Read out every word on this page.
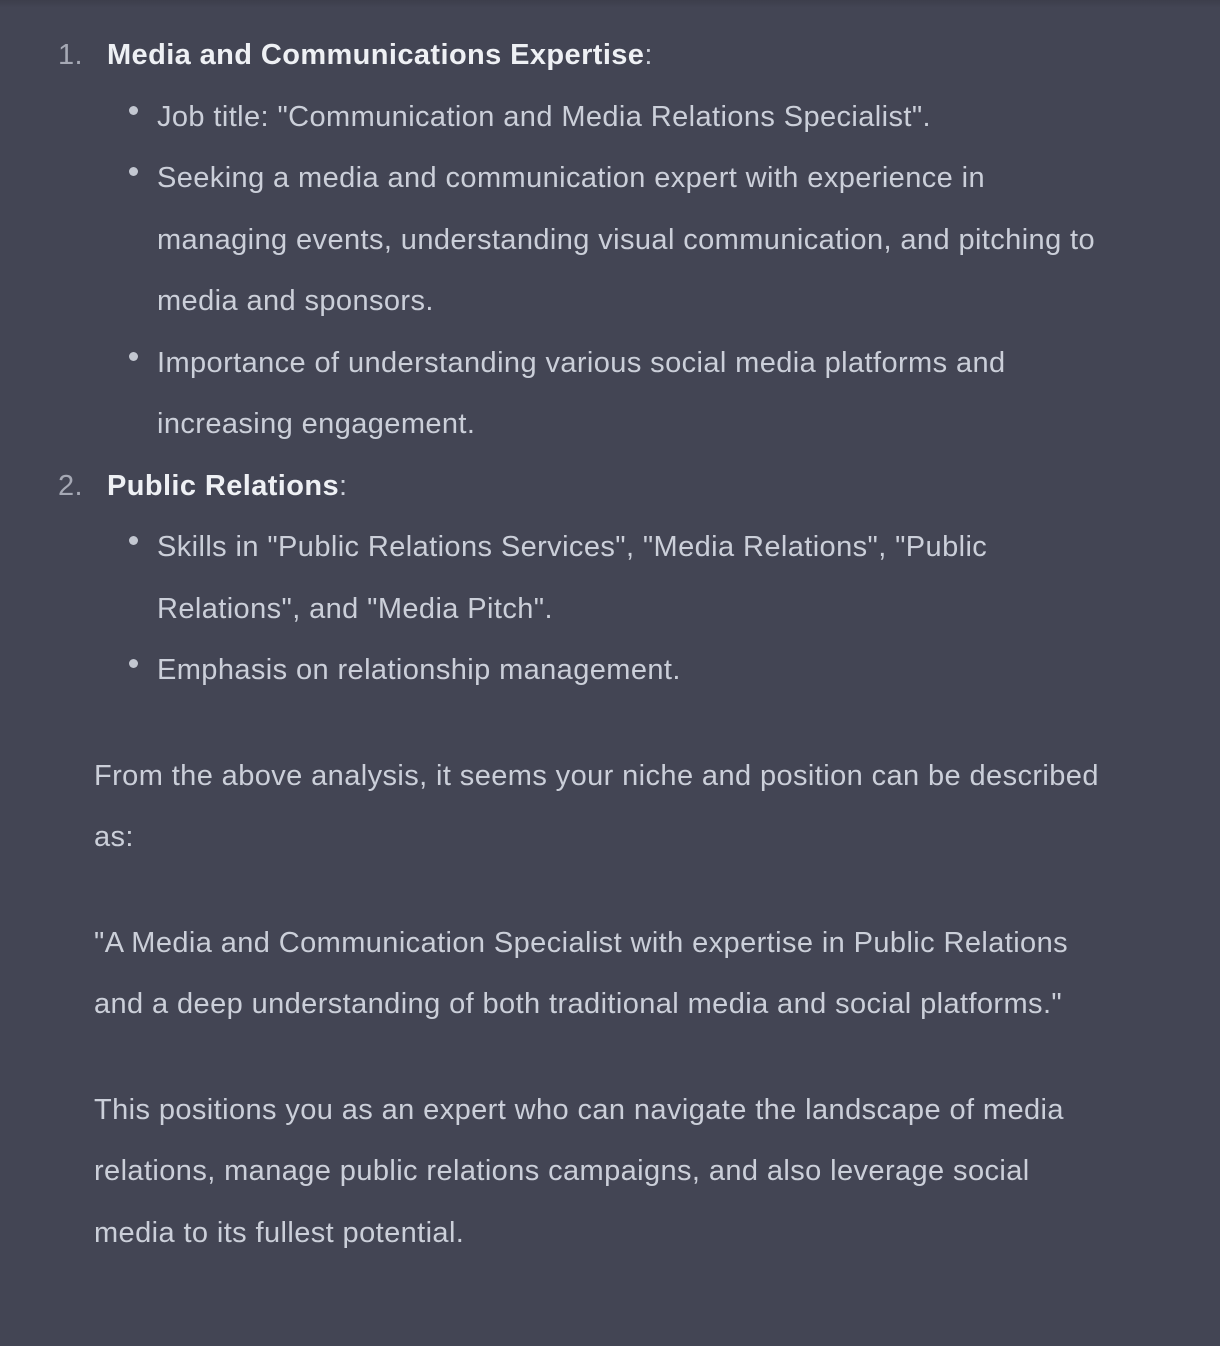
1. Media and Communications Expertise:

Job title: "Communication and Media Relations Specialist".
Seeking a media and communication expert with experience in managing events, understanding visual communication, and pitching to media and sponsors.
Importance of understanding various social media platforms and increasing engagement.
2. Public Relations:

Skills in "Public Relations Services", "Media Relations", "Public Relations", and "Media Pitch".
Emphasis on relationship management.

From the above analysis, it seems your niche and position can be described as:

"A Media and Communication Specialist with expertise in Public Relations and a deep understanding of both traditional media and social platforms."

This positions you as an expert who can navigate the landscape of media relations, manage public relations campaigns, and also leverage social media to its fullest potential.
